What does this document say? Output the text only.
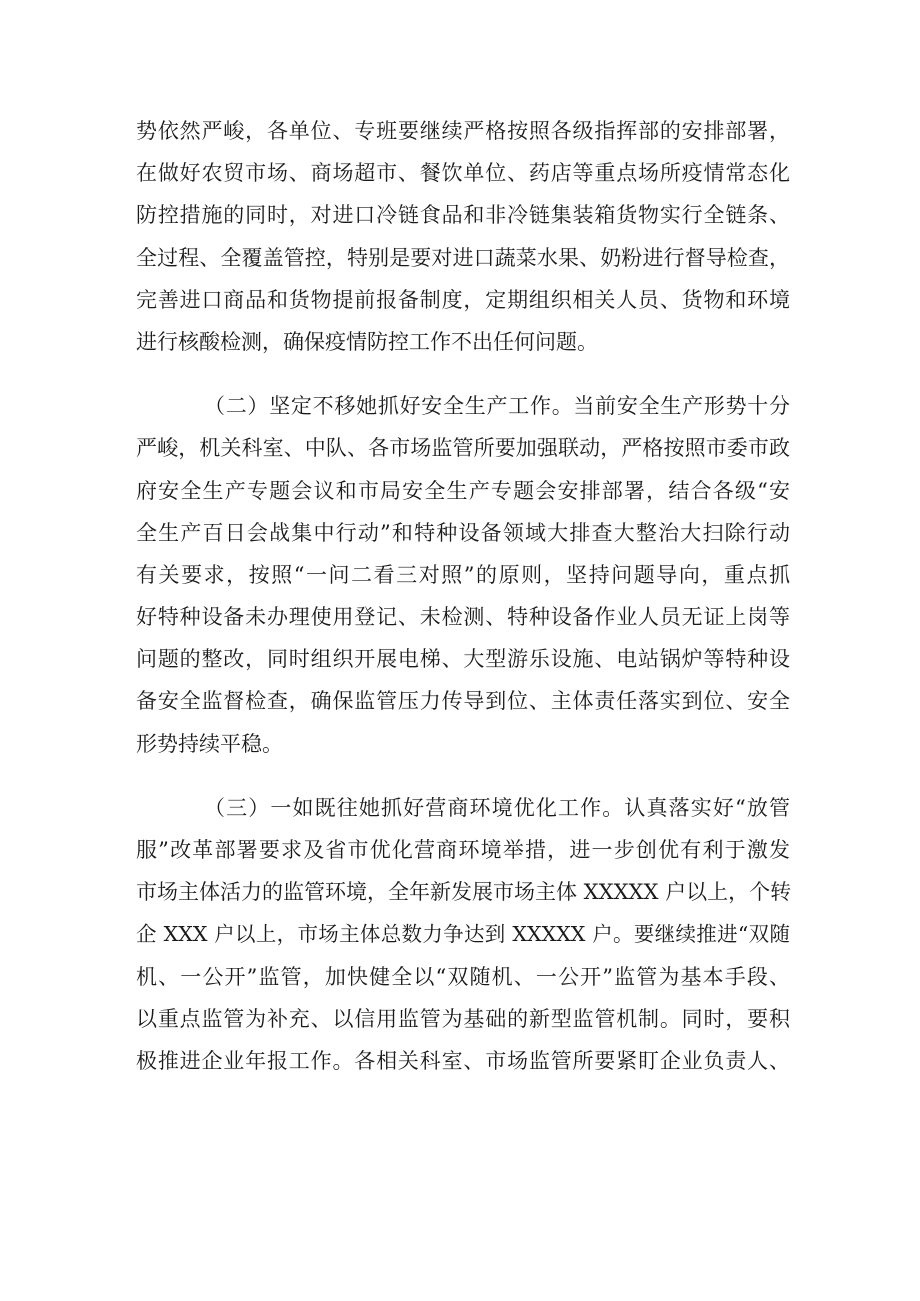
势依然严峻，各单位、专班要继续严格按照各级指挥部的安排部署，
在做好农贸市场、商场超市、餐饮单位、药店等重点场所疫情常态化
防控措施的同时，对进口冷链食品和非冷链集装箱货物实行全链条、
全过程、全覆盖管控，特别是要对进口蔬菜水果、奶粉进行督导检查，
完善进口商品和货物提前报备制度，定期组织相关人员、货物和环境
进行核酸检测，确保疫情防控工作不出任何问题。
（二）坚定不移她抓好安全生产工作。当前安全生产形势十分
严峻，机关科室、中队、各市场监管所要加强联动，严格按照市委市政
府安全生产专题会议和市局安全生产专题会安排部署，结合各级“安
全生产百日会战集中行动”和特种设备领域大排查大整治大扫除行动
有关要求，按照“一问二看三对照”的原则，坚持问题导向，重点抓
好特种设备未办理使用登记、未检测、特种设备作业人员无证上岗等
问题的整改，同时组织开展电梯、大型游乐设施、电站锅炉等特种设
备安全监督检查，确保监管压力传导到位、主体责任落实到位、安全
形势持续平稳。
（三）一如既往她抓好营商环境优化工作。认真落实好“放管
服”改革部署要求及省市优化营商环境举措，进一步创优有利于激发
市场主体活力的监管环境，全年新发展市场主体 XXXXX 户以上，个转
企 XXX 户以上，市场主体总数力争达到 XXXXX 户。要继续推进“双随
机、一公开”监管，加快健全以“双随机、一公开”监管为基本手段、
以重点监管为补充、以信用监管为基础的新型监管机制。同时，要积
极推进企业年报工作。各相关科室、市场监管所要紧盯企业负责人、
